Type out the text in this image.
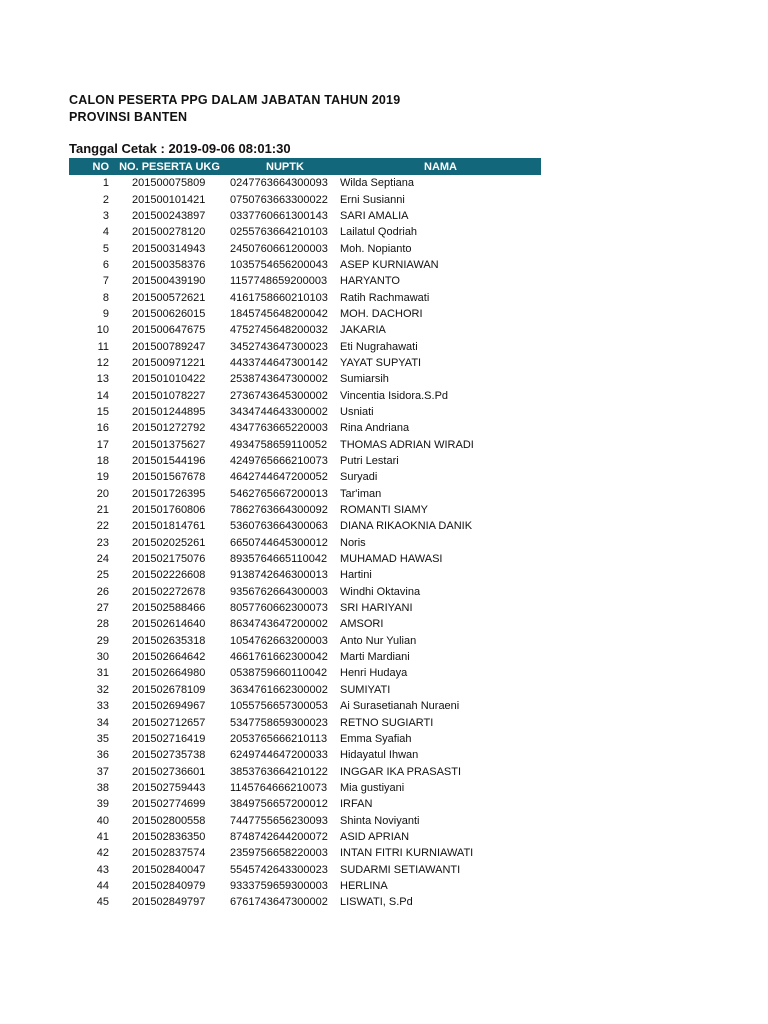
CALON PESERTA PPG DALAM JABATAN TAHUN 2019
PROVINSI BANTEN
Tanggal Cetak : 2019-09-06 08:01:30
NO	NO. PESERTA UKG	NUPTK	NAMA
1	201500075809	0247763664300093	Wilda Septiana
2	201500101421	0750763663300022	Erni Susianni
3	201500243897	0337760661300143	SARI AMALIA
4	201500278120	0255763664210103	Lailatul Qodriah
5	201500314943	2450760661200003	Moh. Nopianto
6	201500358376	1035754656200043	ASEP KURNIAWAN
7	201500439190	1157748659200003	HARYANTO
8	201500572621	4161758660210103	Ratih Rachmawati
9	201500626015	1845745648200042	MOH. DACHORI
10	201500647675	4752745648200032	JAKARIA
11	201500789247	3452743647300023	Eti Nugrahawati
12	201500971221	4433744647300142	YAYAT SUPYATI
13	201501010422	2538743647300002	Sumiarsih
14	201501078227	2736743645300002	Vincentia Isidora.S.Pd
15	201501244895	3434744643300002	Usniati
16	201501272792	4347763665220003	Rina Andriana
17	201501375627	4934758659110052	THOMAS ADRIAN WIRADI
18	201501544196	4249765666210073	Putri Lestari
19	201501567678	4642744647200052	Suryadi
20	201501726395	5462765667200013	Tar'iman
21	201501760806	7862763664300092	ROMANTI SIAMY
22	201501814761	5360763664300063	DIANA RIKAOKNIA DANIK
23	201502025261	6650744645300012	Noris
24	201502175076	8935764665110042	MUHAMAD HAWASI
25	201502226608	9138742646300013	Hartini
26	201502272678	9356762664300003	Windhi Oktavina
27	201502588466	8057760662300073	SRI HARIYANI
28	201502614640	8634743647200002	AMSORI
29	201502635318	1054762663200003	Anto Nur Yulian
30	201502664642	4661761662300042	Marti Mardiani
31	201502664980	0538759660110042	Henri Hudaya
32	201502678109	3634761662300002	SUMIYATI
33	201502694967	1055756657300053	Ai Surasetianah Nuraeni
34	201502712657	5347758659300023	RETNO SUGIARTI
35	201502716419	2053765666210113	Emma Syafiah
36	201502735738	6249744647200033	Hidayatul Ihwan
37	201502736601	3853763664210122	INGGAR IKA PRASASTI
38	201502759443	1145764666210073	Mia gustiyani
39	201502774699	3849756657200012	IRFAN
40	201502800558	7447755656230093	Shinta Noviyanti
41	201502836350	8748742644200072	ASID APRIAN
42	201502837574	2359756658220003	INTAN FITRI KURNIAWATI
43	201502840047	5545742643300023	SUDARMI SETIAWANTI
44	201502840979	9333759659300003	HERLINA
45	201502849797	6761743647300002	LISWATI, S.Pd
